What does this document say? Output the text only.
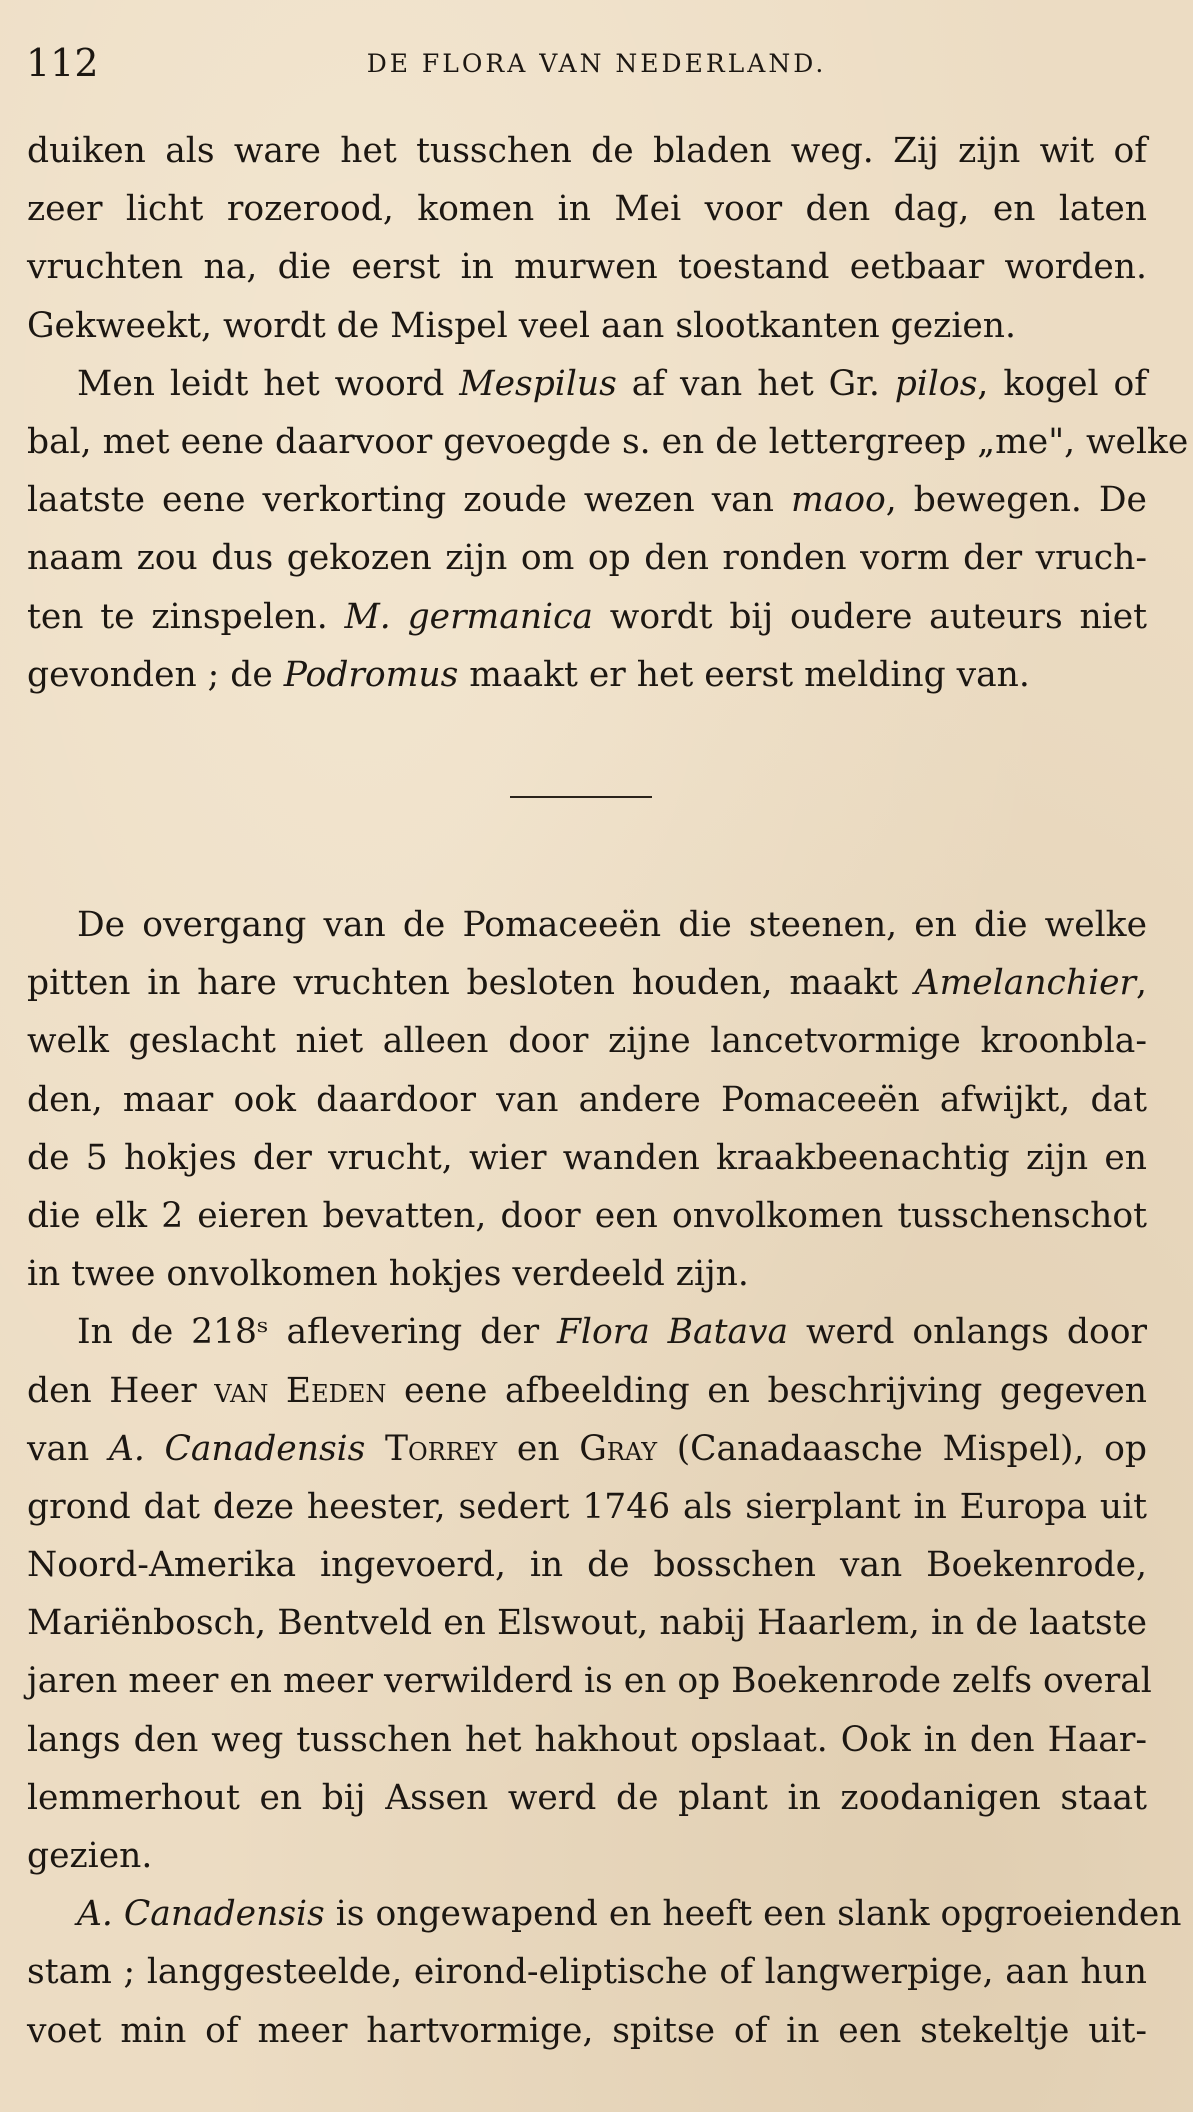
112	DE FLORA VAN NEDERLAND.
duiken als ware het tusschen de bladen weg. Zij zijn wit of
zeer licht rozerood, komen in Mei voor den dag, en laten
vruchten na, die eerst in murwen toestand eetbaar worden.
Gekweekt, wordt de Mispel veel aan slootkanten gezien.
Men leidt het woord Mespilus af van het Gr. pilos, kogel of
bal, met eene daarvoor gevoegde s. en de lettergreep „me", welke
laatste eene verkorting zoude wezen van maoo, bewegen. De
naam zou dus gekozen zijn om op den ronden vorm der vruch-
ten te zinspelen. M. germanica wordt bij oudere auteurs niet
gevonden ; de Podromus maakt er het eerst melding van.
De overgang van de Pomaceeën die steenen, en die welke
pitten in hare vruchten besloten houden, maakt Amelanchier,
welk geslacht niet alleen door zijne lancetvormige kroonbla-
den, maar ook daardoor van andere Pomaceeën afwijkt, dat
de 5 hokjes der vrucht, wier wanden kraakbeenachtig zijn en
die elk 2 eieren bevatten, door een onvolkomen tusschenschot
in twee onvolkomen hokjes verdeeld zijn.
In de 218ˢ aflevering der Flora Batava werd onlangs door
den Heer van Eeden eene afbeelding en beschrijving gegeven
van A. Canadensis Torrey en Gray (Canadaasche Mispel), op
grond dat deze heester, sedert 1746 als sierplant in Europa uit
Noord-Amerika ingevoerd, in de bosschen van Boekenrode,
Mariënbosch, Bentveld en Elswout, nabij Haarlem, in de laatste
jaren meer en meer verwilderd is en op Boekenrode zelfs overal
langs den weg tusschen het hakhout opslaat. Ook in den Haar-
lemmerhout en bij Assen werd de plant in zoodanigen staat
gezien.
A. Canadensis is ongewapend en heeft een slank opgroeienden
stam ; langgesteelde, eirond-eliptische of langwerpige, aan hun
voet min of meer hartvormige, spitse of in een stekeltje uit-
